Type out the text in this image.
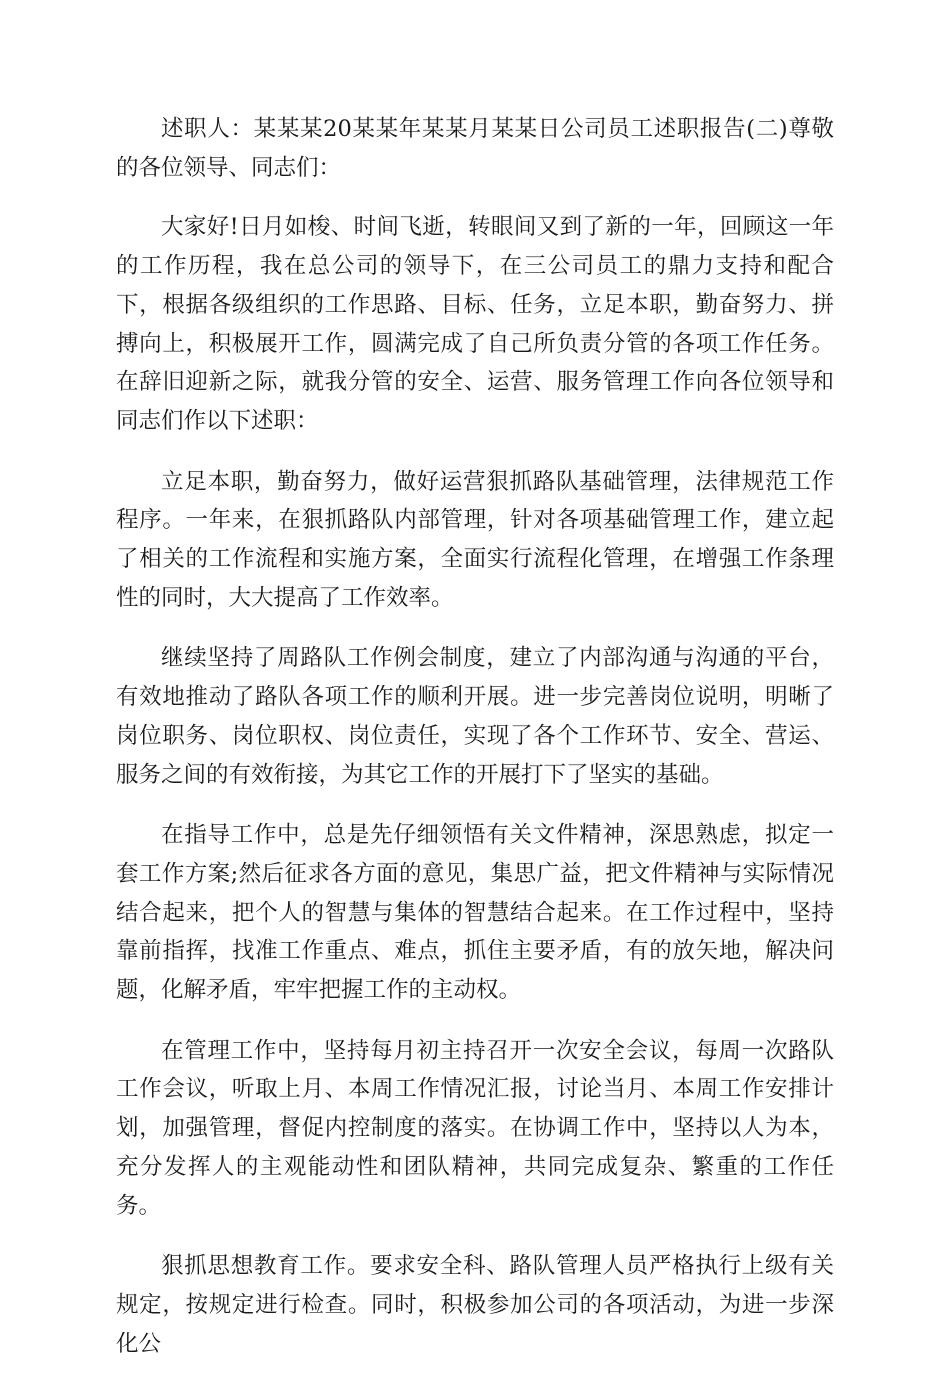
述职人：某某某20某某年某某月某某日公司员工述职报告(二)尊敬的各位领导、同志们：

大家好!日月如梭、时间飞逝，转眼间又到了新的一年，回顾这一年的工作历程，我在总公司的领导下，在三公司员工的鼎力支持和配合下，根据各级组织的工作思路、目标、任务，立足本职，勤奋努力、拼搏向上，积极展开工作，圆满完成了自己所负责分管的各项工作任务。在辞旧迎新之际，就我分管的安全、运营、服务管理工作向各位领导和同志们作以下述职：

立足本职，勤奋努力，做好运营狠抓路队基础管理，法律规范工作程序。一年来，在狠抓路队内部管理，针对各项基础管理工作，建立起了相关的工作流程和实施方案，全面实行流程化管理，在增强工作条理性的同时，大大提高了工作效率。

继续坚持了周路队工作例会制度，建立了内部沟通与沟通的平台，有效地推动了路队各项工作的顺利开展。进一步完善岗位说明，明晰了岗位职务、岗位职权、岗位责任，实现了各个工作环节、安全、营运、服务之间的有效衔接，为其它工作的开展打下了坚实的基础。

在指导工作中，总是先仔细领悟有关文件精神，深思熟虑，拟定一套工作方案;然后征求各方面的意见，集思广益，把文件精神与实际情况结合起来，把个人的智慧与集体的智慧结合起来。在工作过程中，坚持靠前指挥，找准工作重点、难点，抓住主要矛盾，有的放矢地，解决问题，化解矛盾，牢牢把握工作的主动权。

在管理工作中，坚持每月初主持召开一次安全会议，每周一次路队工作会议，听取上月、本周工作情况汇报，讨论当月、本周工作安排计划，加强管理，督促内控制度的落实。在协调工作中，坚持以人为本，充分发挥人的主观能动性和团队精神，共同完成复杂、繁重的工作任务。

狠抓思想教育工作。要求安全科、路队管理人员严格执行上级有关规定，按规定进行检查。同时，积极参加公司的各项活动，为进一步深化公
